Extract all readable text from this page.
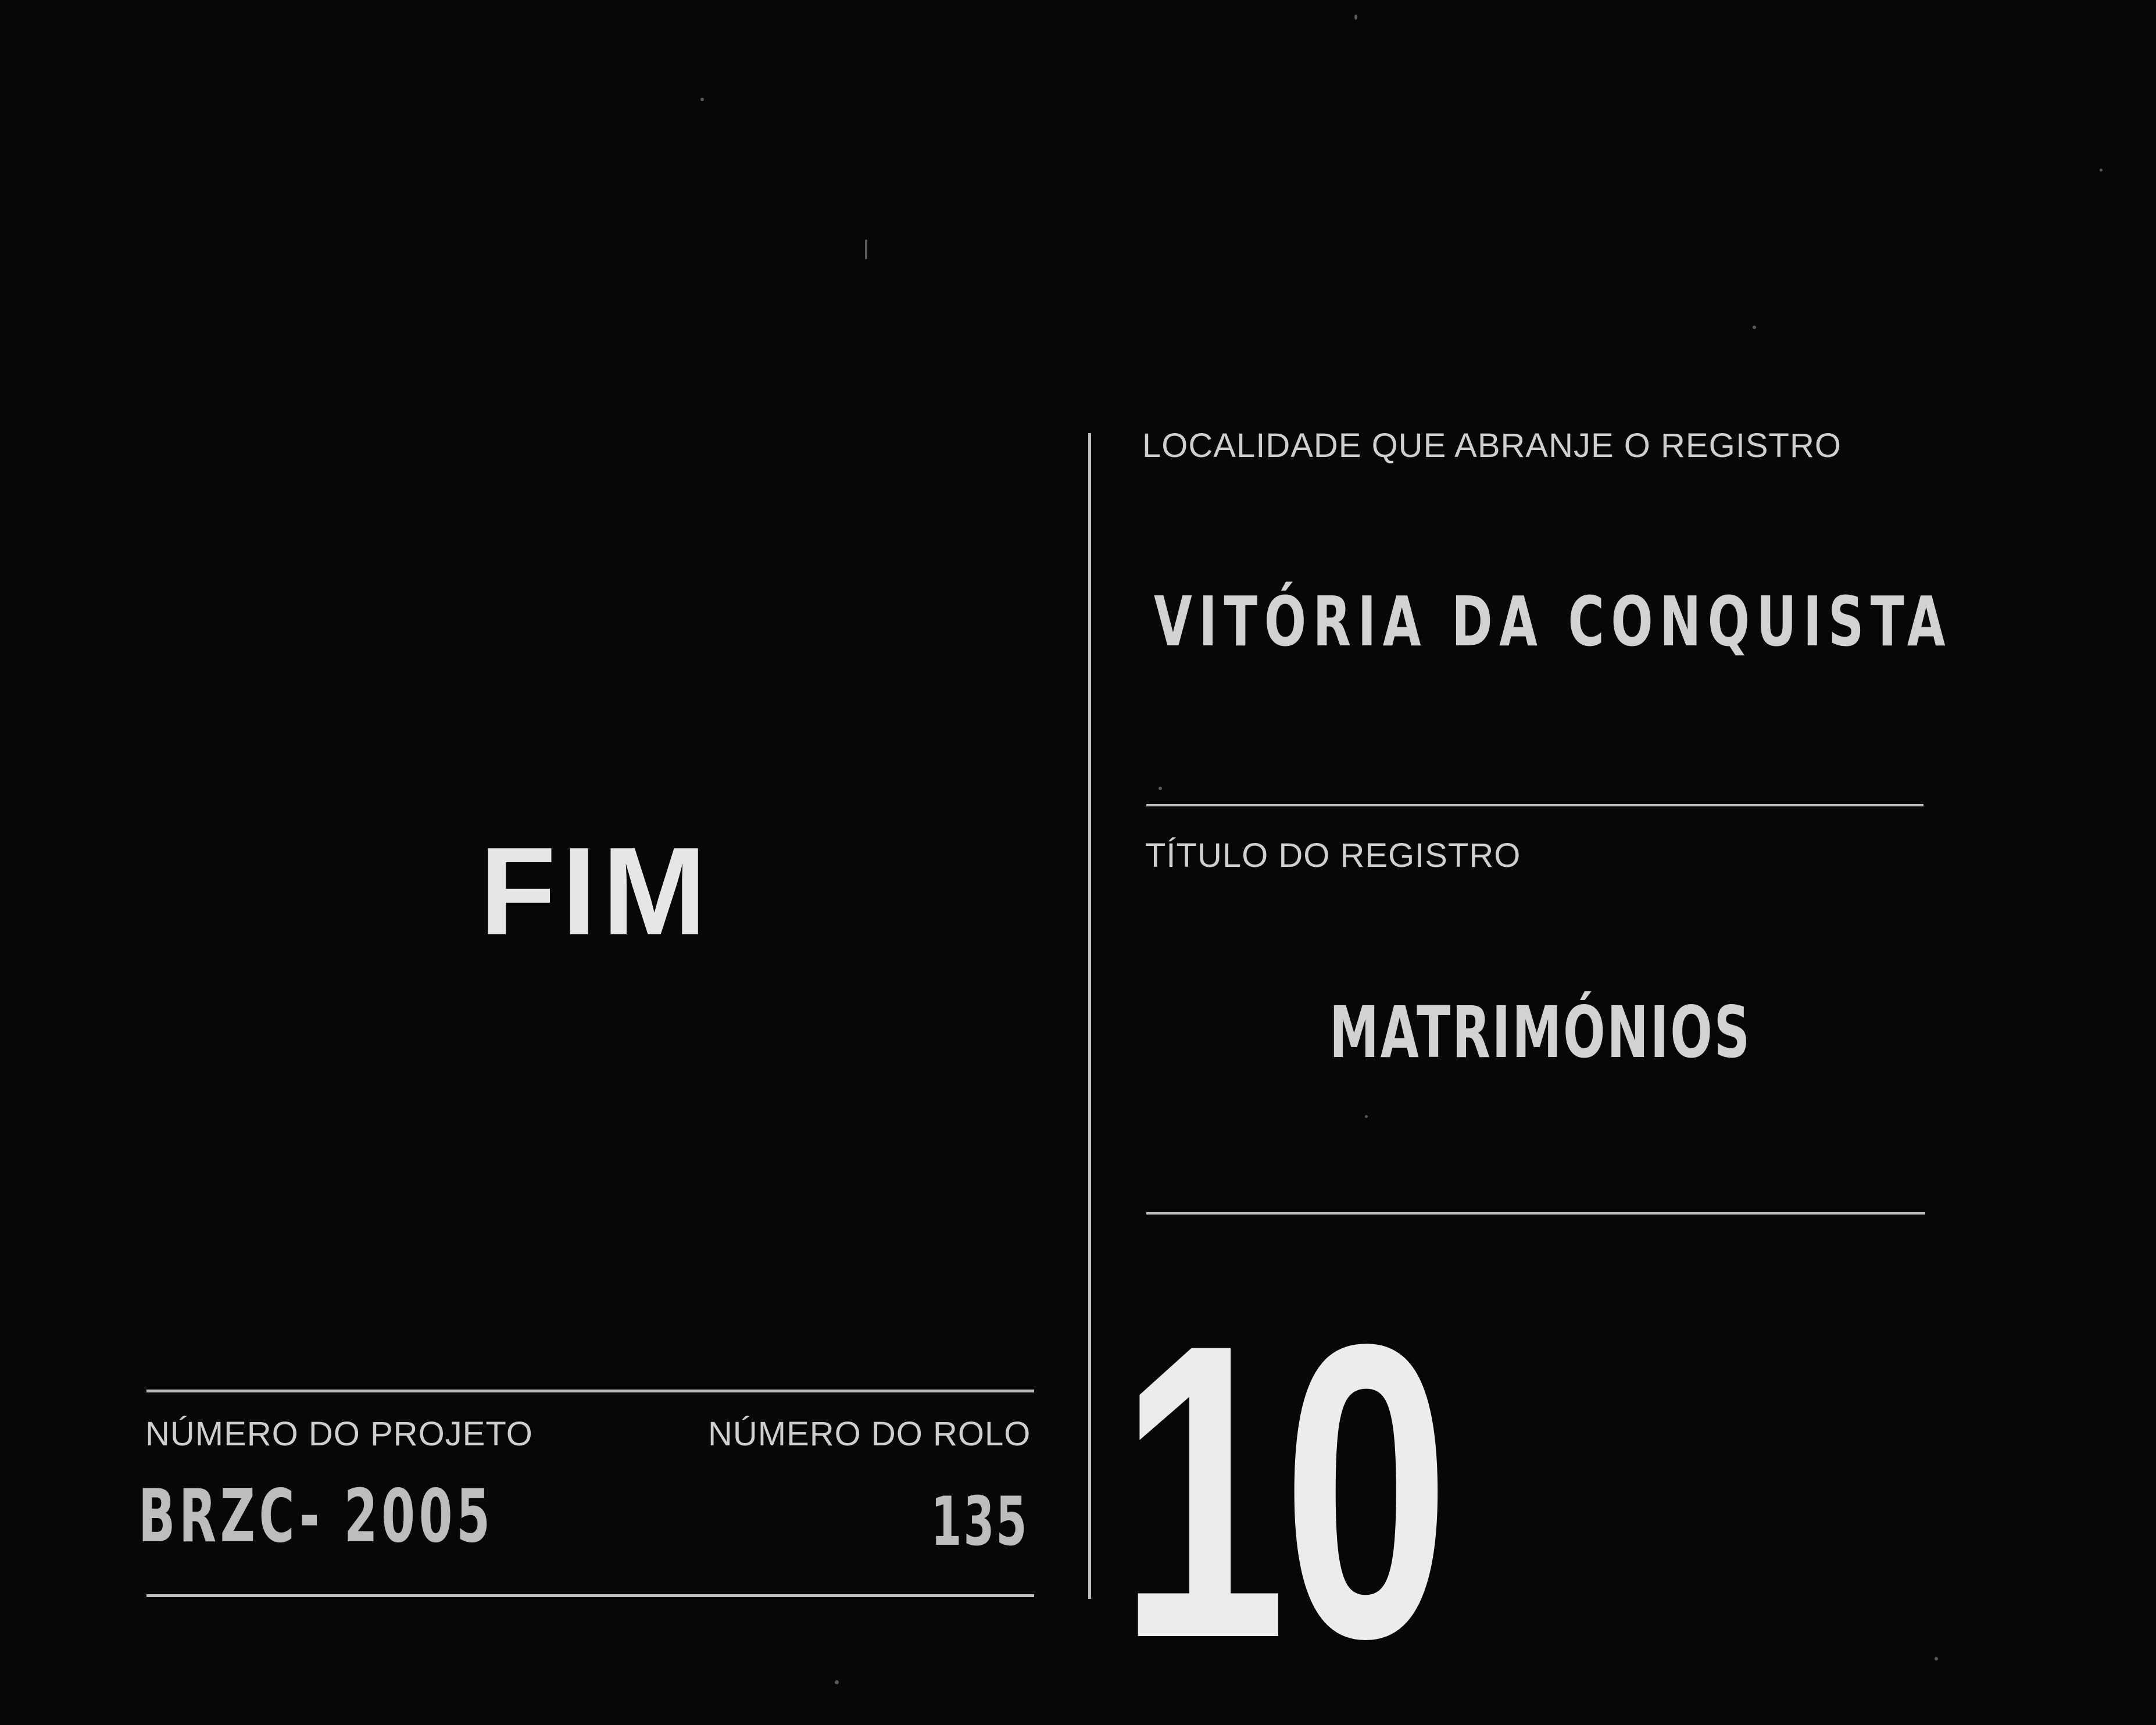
FIM
LOCALIDADE QUE ABRANJE O REGISTRO
VITÓRIA DA CONQUISTA
TÍTULO DO REGISTRO
MATRIMÓNIOS
NÚMERO DO PROJETO	NÚMERO DO ROLO
BRZC- 2005	135 10
